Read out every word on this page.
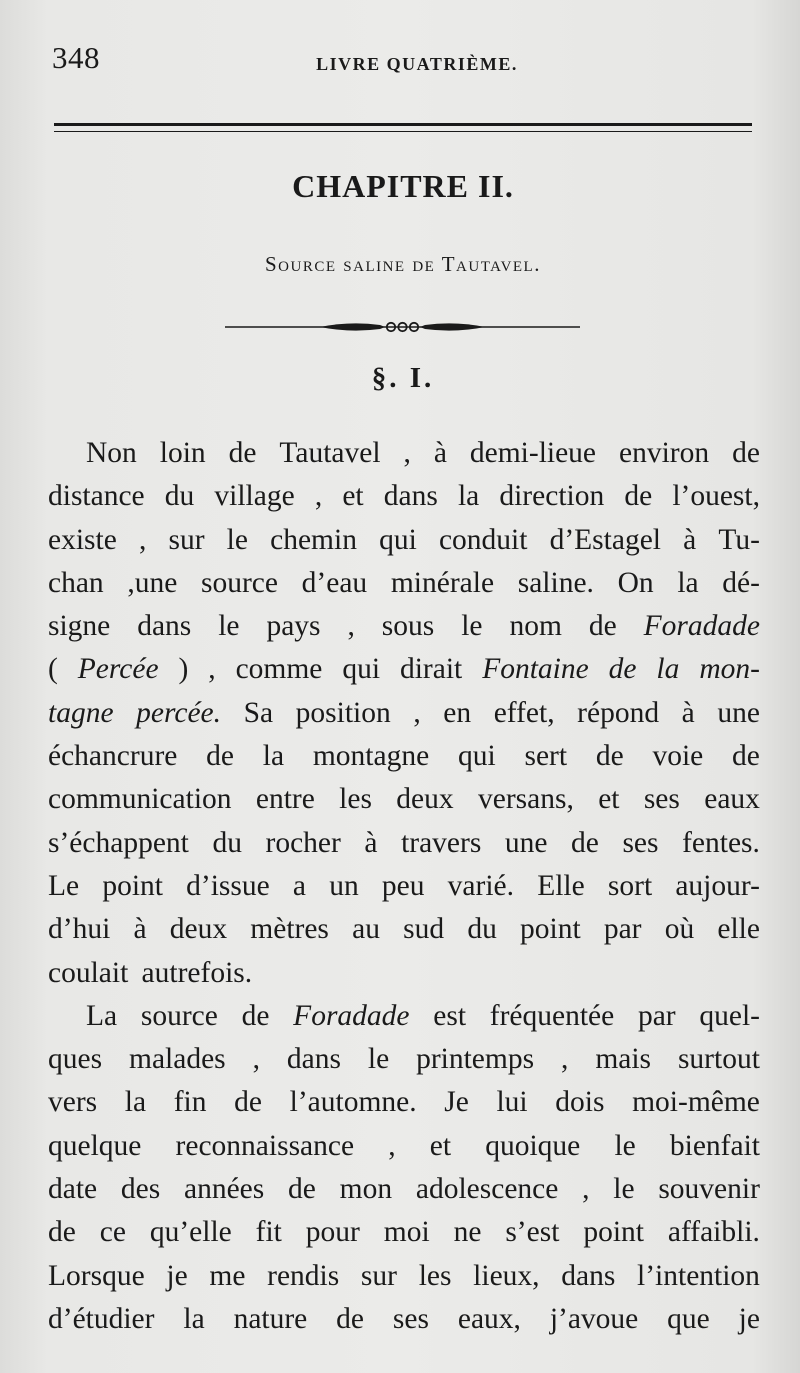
348	LIVRE QUATRIÈME.
CHAPITRE II.
Source saline de Tautavel.
§. I.
Non loin de Tautavel , à demi-lieue environ de
distance du village , et dans la direction de l’ouest,
existe , sur le chemin qui conduit d’Estagel à Tu-
chan ,une source d’eau minérale saline. On la dé-
signe dans le pays , sous le nom de Foradade
( Percée ) , comme qui dirait Fontaine de la mon-
tagne percée. Sa position , en effet, répond à une
échancrure de la montagne qui sert de voie de
communication entre les deux versans, et ses eaux
s’échappent du rocher à travers une de ses fentes.
Le point d’issue a un peu varié. Elle sort aujour-
d’hui à deux mètres au sud du point par où elle
coulait autrefois.
La source de Foradade est fréquentée par quel-
ques malades , dans le printemps , mais surtout
vers la fin de l’automne. Je lui dois moi-même
quelque reconnaissance , et quoique le bienfait
date des années de mon adolescence , le souvenir
de ce qu’elle fit pour moi ne s’est point affaibli.
Lorsque je me rendis sur les lieux, dans l’intention
d’étudier la nature de ses eaux, j’avoue que je
